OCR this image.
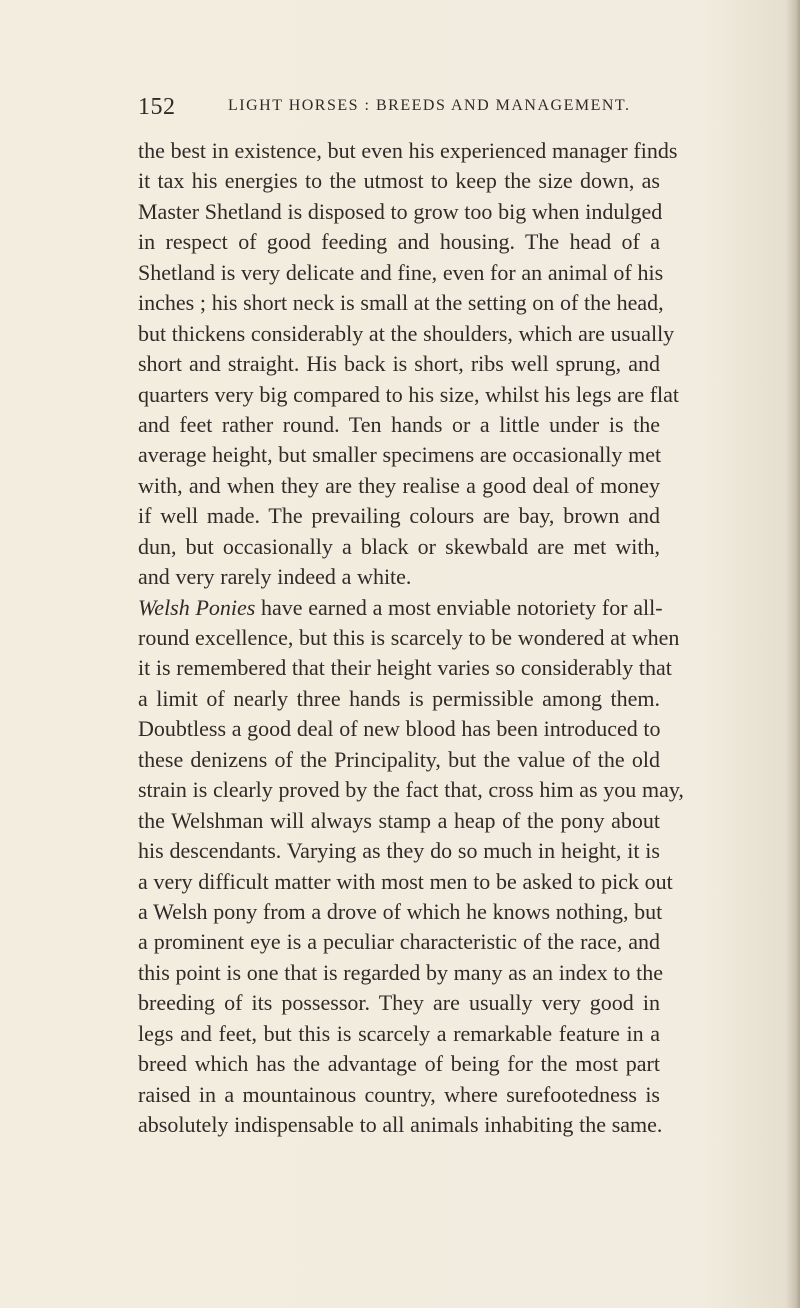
152	LIGHT HORSES : BREEDS AND MANAGEMENT.
the best in existence, but even his experienced manager finds
it tax his energies to the utmost to keep the size down, as
Master Shetland is disposed to grow too big when indulged
in respect of good feeding and housing. The head of a
Shetland is very delicate and fine, even for an animal of his
inches ; his short neck is small at the setting on of the head,
but thickens considerably at the shoulders, which are usually
short and straight. His back is short, ribs well sprung, and
quarters very big compared to his size, whilst his legs are flat
and feet rather round. Ten hands or a little under is the
average height, but smaller specimens are occasionally met
with, and when they are they realise a good deal of money
if well made. The prevailing colours are bay, brown and
dun, but occasionally a black or skewbald are met with,
and very rarely indeed a white.
Welsh Ponies have earned a most enviable notoriety for all-
round excellence, but this is scarcely to be wondered at when
it is remembered that their height varies so considerably that
a limit of nearly three hands is permissible among them.
Doubtless a good deal of new blood has been introduced to
these denizens of the Principality, but the value of the old
strain is clearly proved by the fact that, cross him as you may,
the Welshman will always stamp a heap of the pony about
his descendants. Varying as they do so much in height, it is
a very difficult matter with most men to be asked to pick out
a Welsh pony from a drove of which he knows nothing, but
a prominent eye is a peculiar characteristic of the race, and
this point is one that is regarded by many as an index to the
breeding of its possessor. They are usually very good in
legs and feet, but this is scarcely a remarkable feature in a
breed which has the advantage of being for the most part
raised in a mountainous country, where surefootedness is
absolutely indispensable to all animals inhabiting the same.
